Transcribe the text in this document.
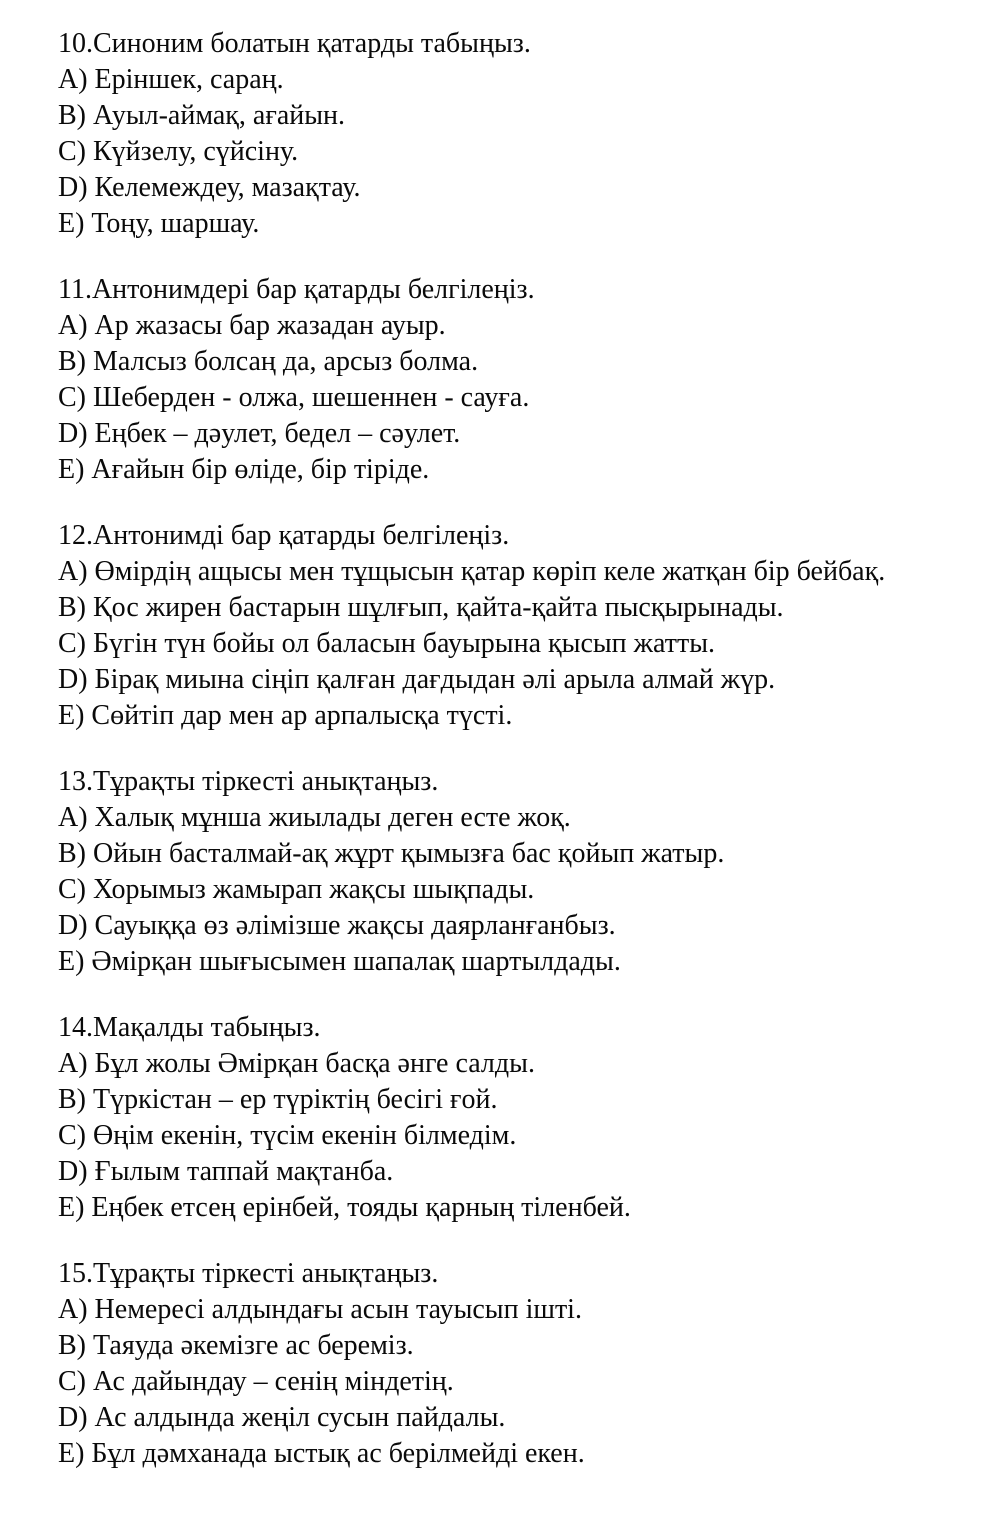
10.Синоним болатын қатарды табыңыз.

A) Еріншек, сараң.

B) Ауыл-аймақ, ағайын.

C) Күйзелу, сүйсіну.

D) Келемеждеу, мазақтау.

E) Тоңу, шаршау.

11.Антонимдері бар қатарды белгілеңіз.

A) Ар жазасы бар жазадан ауыр.

B) Малсыз болсаң да, арсыз болма.

C) Шеберден - олжа, шешеннен - сауға.

D) Еңбек – дәулет, бедел – сәулет.

E) Ағайын бір өліде, бір тіріде.

12.Антонимді бар қатарды белгілеңіз.

A) Өмірдің ащысы мен тұщысын қатар көріп келе жатқан бір бейбақ.

B) Қос жирен бастарын шұлғып, қайта-қайта пысқырынады.

C) Бүгін түн бойы ол баласын бауырына қысып жатты.

D) Бірақ миына сіңіп қалған дағдыдан әлі арыла алмай жүр.

E) Сөйтіп дар мен ар арпалысқа түсті.

13.Тұрақты тіркесті анықтаңыз.

A) Халық мұнша жиылады деген есте жоқ.

B) Ойын басталмай-ақ жұрт қымызға бас қойып жатыр.

C) Хорымыз жамырап жақсы шықпады.

D) Сауыққа өз әлімізше жақсы даярланғанбыз.

E) Әмірқан шығысымен шапалақ шартылдады.

14.Мақалды табыңыз.

A) Бұл жолы Әмірқан басқа әнге салды.

B) Түркістан – ер түріктің бесігі ғой.

C) Өңім екенін, түсім екенін білмедім.

D) Ғылым таппай мақтанба.

E) Еңбек етсең ерінбей, тояды қарның тіленбей.

15.Тұрақты тіркесті анықтаңыз.

A) Немересі алдындағы асын тауысып ішті.

B) Таяуда әкемізге ас береміз.

C) Ас дайындау – сенің міндетің.

D) Ас алдында жеңіл сусын пайдалы.

E) Бұл дәмханада ыстық ас берілмейді екен.
